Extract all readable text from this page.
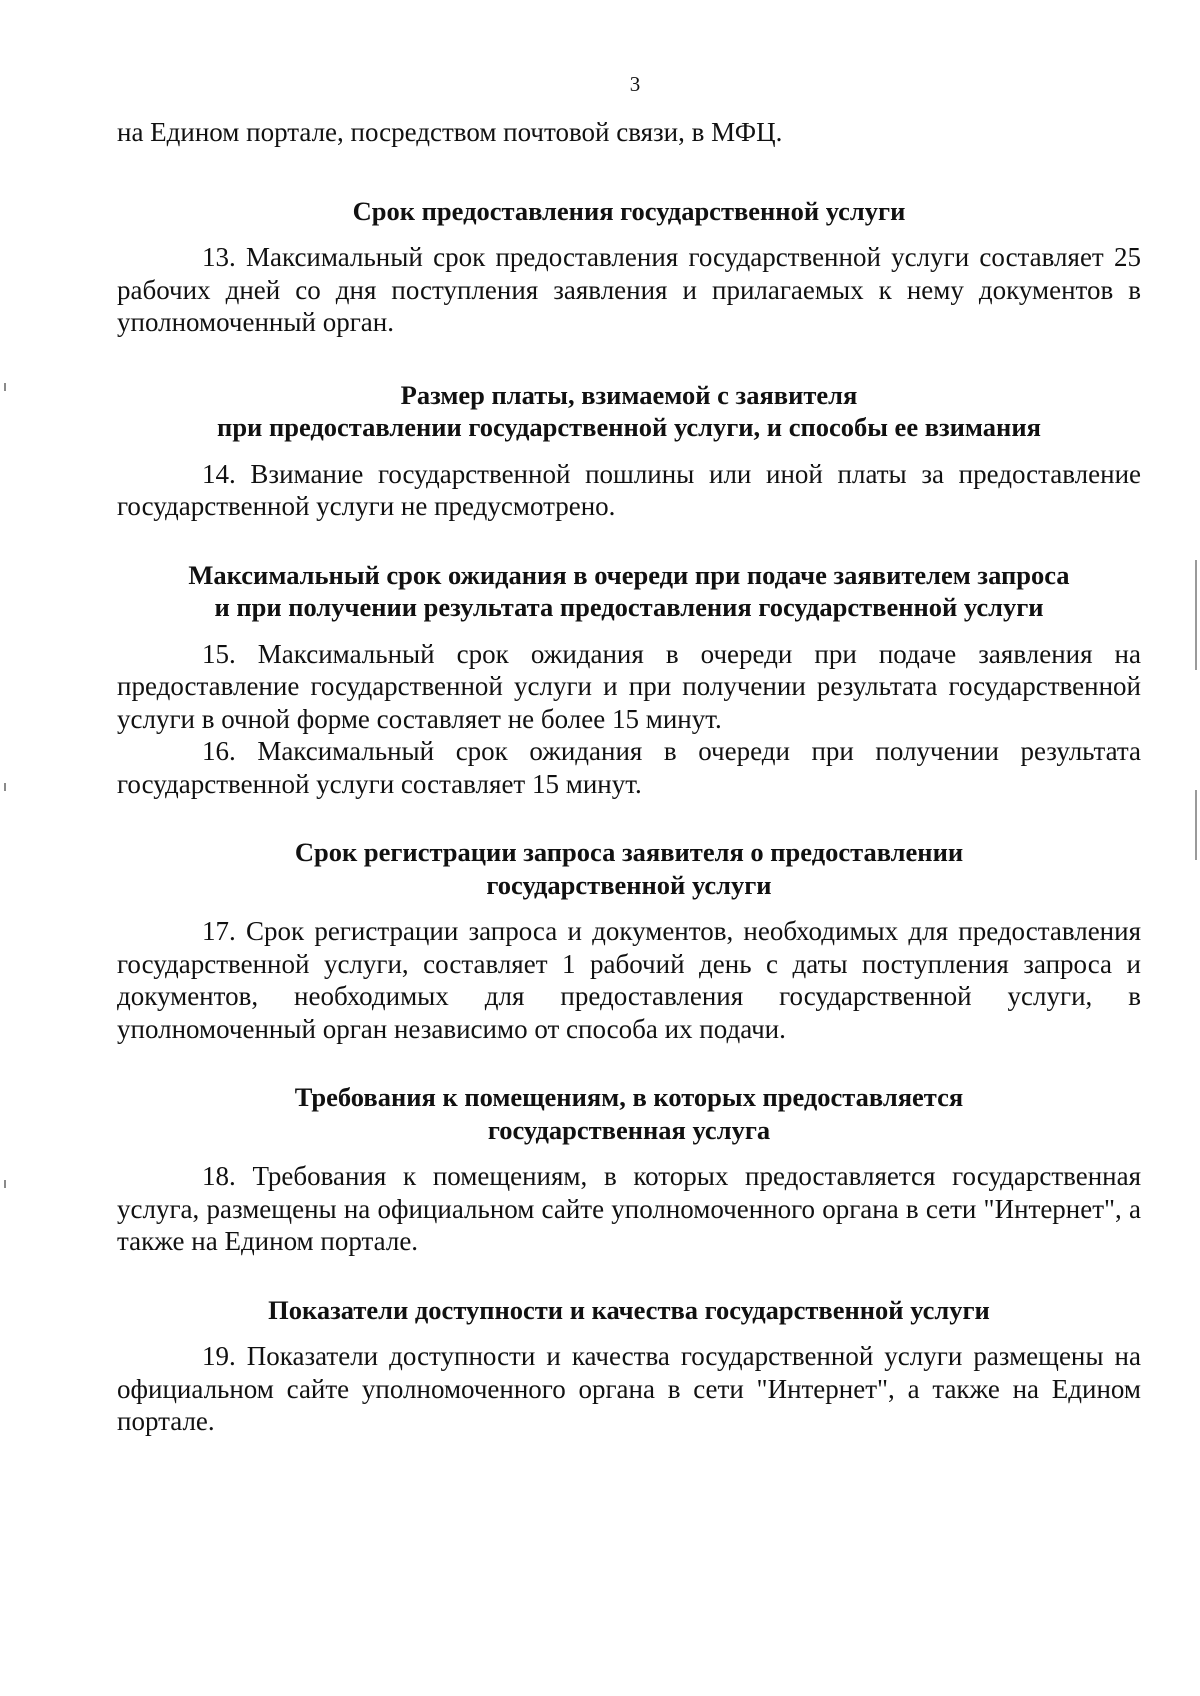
3

на Едином портале, посредством почтовой связи, в МФЦ.

Срок предоставления государственной услуги

13. Максимальный срок предоставления государственной услуги составляет 25 рабочих дней со дня поступления заявления и прилагаемых к нему документов в уполномоченный орган.

Размер платы, взимаемой с заявителя
при предоставлении государственной услуги, и способы ее взимания

14. Взимание государственной пошлины или иной платы за предоставление государственной услуги не предусмотрено.

Максимальный срок ожидания в очереди при подаче заявителем запроса
и при получении результата предоставления государственной услуги

15. Максимальный срок ожидания в очереди при подаче заявления на предоставление государственной услуги и при получении результата государственной услуги в очной форме составляет не более 15 минут.

16. Максимальный срок ожидания в очереди при получении результата государственной услуги составляет 15 минут.

Срок регистрации запроса заявителя о предоставлении
государственной услуги

17. Срок регистрации запроса и документов, необходимых для предоставления государственной услуги, составляет 1 рабочий день с даты поступления запроса и документов, необходимых для предоставления государственной услуги, в уполномоченный орган независимо от способа их подачи.

Требования к помещениям, в которых предоставляется
государственная услуга

18. Требования к помещениям, в которых предоставляется государственная услуга, размещены на официальном сайте уполномоченного органа в сети "Интернет", а также на Едином портале.

Показатели доступности и качества государственной услуги

19. Показатели доступности и качества государственной услуги размещены на официальном сайте уполномоченного органа в сети "Интернет", а также на Едином портале.
